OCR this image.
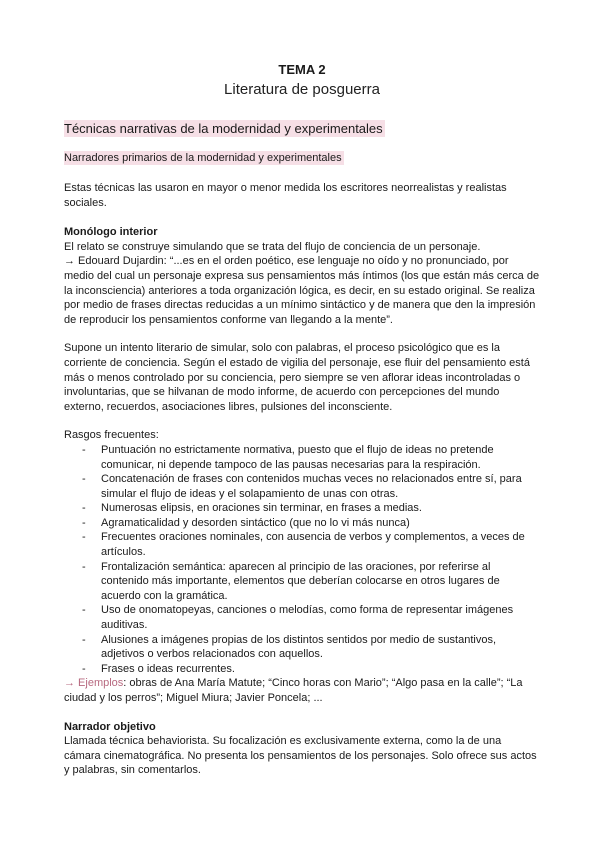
TEMA 2
Literatura de posguerra
Técnicas narrativas de la modernidad y experimentales
Narradores primarios de la modernidad y experimentales

Estas técnicas las usaron en mayor o menor medida los escritores neorrealistas y realistas sociales.

Monólogo interior

El relato se construye simulando que se trata del flujo de conciencia de un personaje.

→ Edouard Dujardin: “...es en el orden poético, ese lenguaje no oído y no pronunciado, por medio del cual un personaje expresa sus pensamientos más íntimos (los que están más cerca de la inconsciencia) anteriores a toda organización lógica, es decir, en su estado original. Se realiza por medio de frases directas reducidas a un mínimo sintáctico y de manera que den la impresión de reproducir los pensamientos conforme van llegando a la mente”.

Supone un intento literario de simular, solo con palabras, el proceso psicológico que es la corriente de conciencia. Según el estado de vigilia del personaje, ese fluir del pensamiento está más o menos controlado por su conciencia, pero siempre se ven aflorar ideas incontroladas o involuntarias, que se hilvanan de modo informe, de acuerdo con percepciones del mundo externo, recuerdos, asociaciones libres, pulsiones del inconsciente.

Rasgos frecuentes:

- Puntuación no estrictamente normativa, puesto que el flujo de ideas no pretende comunicar, ni depende tampoco de las pausas necesarias para la respiración.
- Concatenación de frases con contenidos muchas veces no relacionados entre sí, para simular el flujo de ideas y el solapamiento de unas con otras.
- Numerosas elipsis, en oraciones sin terminar, en frases a medias.
- Agramaticalidad y desorden sintáctico (que no lo vi más nunca)
- Frecuentes oraciones nominales, con ausencia de verbos y complementos, a veces de artículos.
- Frontalización semántica: aparecen al principio de las oraciones, por referirse al contenido más importante, elementos que deberían colocarse en otros lugares de acuerdo con la gramática.
- Uso de onomatopeyas, canciones o melodías, como forma de representar imágenes auditivas.
- Alusiones a imágenes propias de los distintos sentidos por medio de sustantivos, adjetivos o verbos relacionados con aquellos.
- Frases o ideas recurrentes.

→ Ejemplos: obras de Ana María Matute; “Cinco horas con Mario”; “Algo pasa en la calle”; “La ciudad y los perros”; Miguel Miura; Javier Poncela; ...

Narrador objetivo

Llamada técnica behaviorista. Su focalización es exclusivamente externa, como la de una cámara cinematográfica. No presenta los pensamientos de los personajes. Solo ofrece sus actos y palabras, sin comentarlos.
